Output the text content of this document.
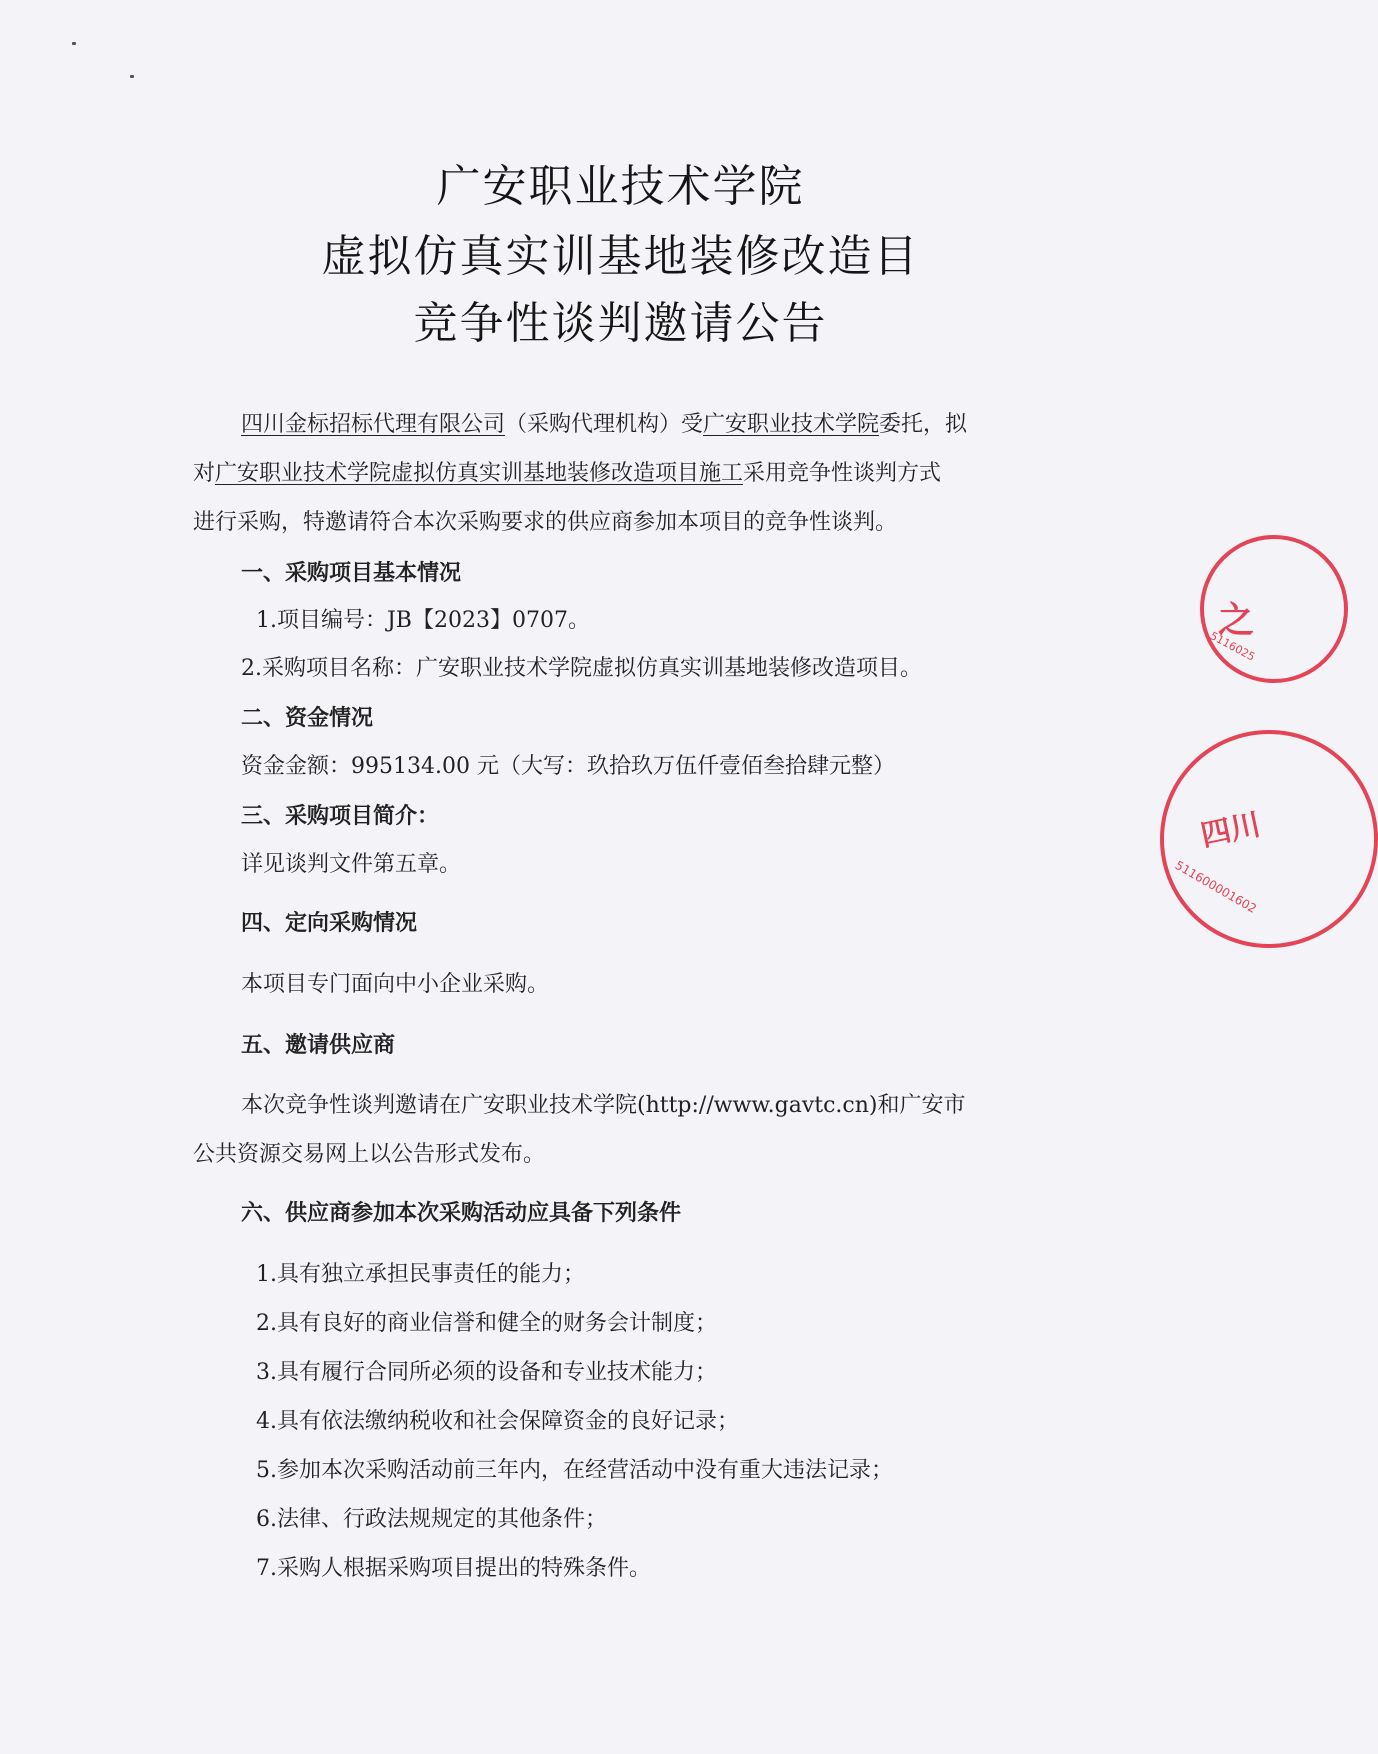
广安职业技术学院
虚拟仿真实训基地装修改造目
竞争性谈判邀请公告
四川金标招标代理有限公司（采购代理机构）受广安职业技术学院委托，拟
对广安职业技术学院虚拟仿真实训基地装修改造项目施工采用竞争性谈判方式
进行采购，特邀请符合本次采购要求的供应商参加本项目的竞争性谈判。
一、采购项目基本情况
1.项目编号：JB【2023】0707。
2.采购项目名称：广安职业技术学院虚拟仿真实训基地装修改造项目。
二、资金情况
资金金额：995134.00 元（大写：玖拾玖万伍仟壹佰叁拾肆元整）
三、采购项目简介：
详见谈判文件第五章。
四、定向采购情况
本项目专门面向中小企业采购。
五、邀请供应商
本次竞争性谈判邀请在广安职业技术学院(http://www.gavtc.cn)和广安市
公共资源交易网上以公告形式发布。
六、供应商参加本次采购活动应具备下列条件
1.具有独立承担民事责任的能力；
2.具有良好的商业信誉和健全的财务会计制度；
3.具有履行合同所必须的设备和专业技术能力；
4.具有依法缴纳税收和社会保障资金的良好记录；
5.参加本次采购活动前三年内，在经营活动中没有重大违法记录；
6.法律、行政法规规定的其他条件；
7.采购人根据采购项目提出的特殊条件。
之
四川
5116025
511600001602
